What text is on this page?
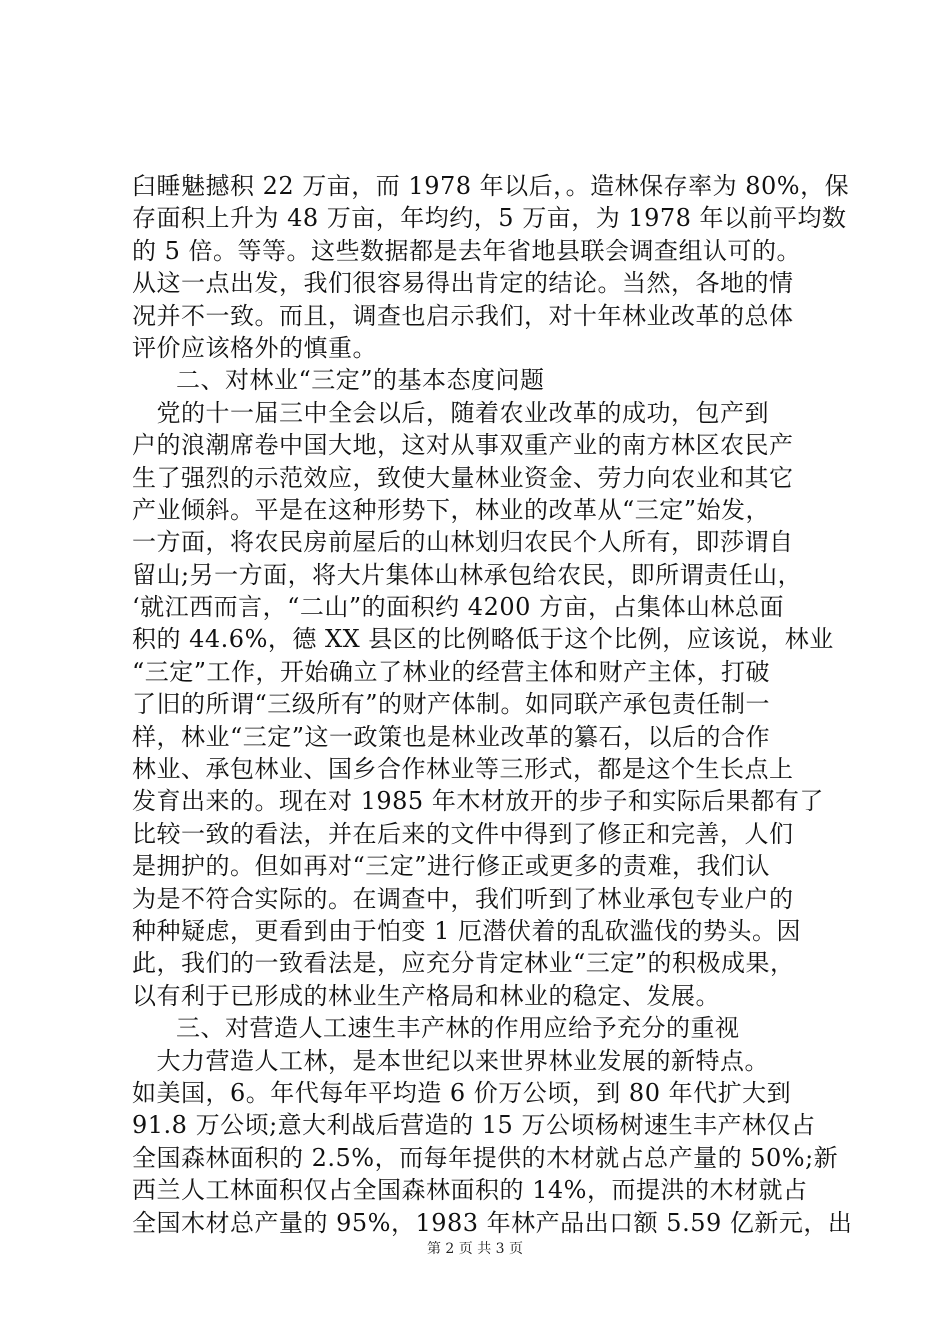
臼睡魅撼积 22 万亩，而 1978 年以后，。造林保存率为 80%，保
存面积上升为 48 万亩，年均约，5 万亩，为 1978 年以前平均数
的 5 倍。等等。这些数据都是去年省地县联会调查组认可的。
从这一点出发，我们很容易得出肯定的结论。当然，各地的情
况并不一致。而且，调查也启示我们，对十年林业改革的总体
评价应该格外的慎重。
二、对林业“三定”的基本态度问题
　党的十一届三中全会以后，随着农业改革的成功，包产到
户的浪潮席卷中国大地，这对从事双重产业的南方林区农民产
生了强烈的示范效应，致使大量林业资金、劳力向农业和其它
产业倾斜。平是在这种形势下，林业的改革从“三定”始发，
一方面，将农民房前屋后的山林划归农民个人所有，即莎谓自
留山;另一方面，将大片集体山林承包给农民，即所谓责任山，
‘就江西而言，“二山”的面积约 4200 方亩，占集体山林总面
积的 44.6%，德 XX 县区的比例略低于这个比例，应该说，林业
“三定”工作，开始确立了林业的经营主体和财产主体，打破
了旧的所谓“三级所有”的财产体制。如同联产承包责任制一
样，林业“三定”这一政策也是林业改革的纂石，以后的合作
林业、承包林业、国乡合作林业等三形式，都是这个生长点上
发育出来的。现在对 1985 年木材放开的步子和实际后果都有了
比较一致的看法，并在后来的文件中得到了修正和完善，人们
是拥护的。但如再对“三定”进行修正或更多的责难，我们认
为是不符合实际的。在调查中，我们听到了林业承包专业户的
种种疑虑，更看到由于怕变 1 厄潜伏着的乱砍滥伐的势头。因
此，我们的一致看法是，应充分肯定林业“三定”的积极成果，
以有利于已形成的林业生产格局和林业的稳定、发展。
三、对营造人工速生丰产林的作用应给予充分的重视
　大力营造人工林，是本世纪以来世界林业发展的新特点。
如美国，6。年代每年平均造 6 价万公顷，到 80 年代扩大到
91.8 万公顷;意大利战后营造的 15 万公顷杨树速生丰产林仅占
全国森林面积的 2.5%，而每年提供的木材就占总产量的 50%;新
西兰人工林面积仅占全国森林面积的 14%，而提洪的木材就占
全国木材总产量的 95%，1983 年林产品出口额 5.59 亿新元，出
第 2 页 共 3 页
